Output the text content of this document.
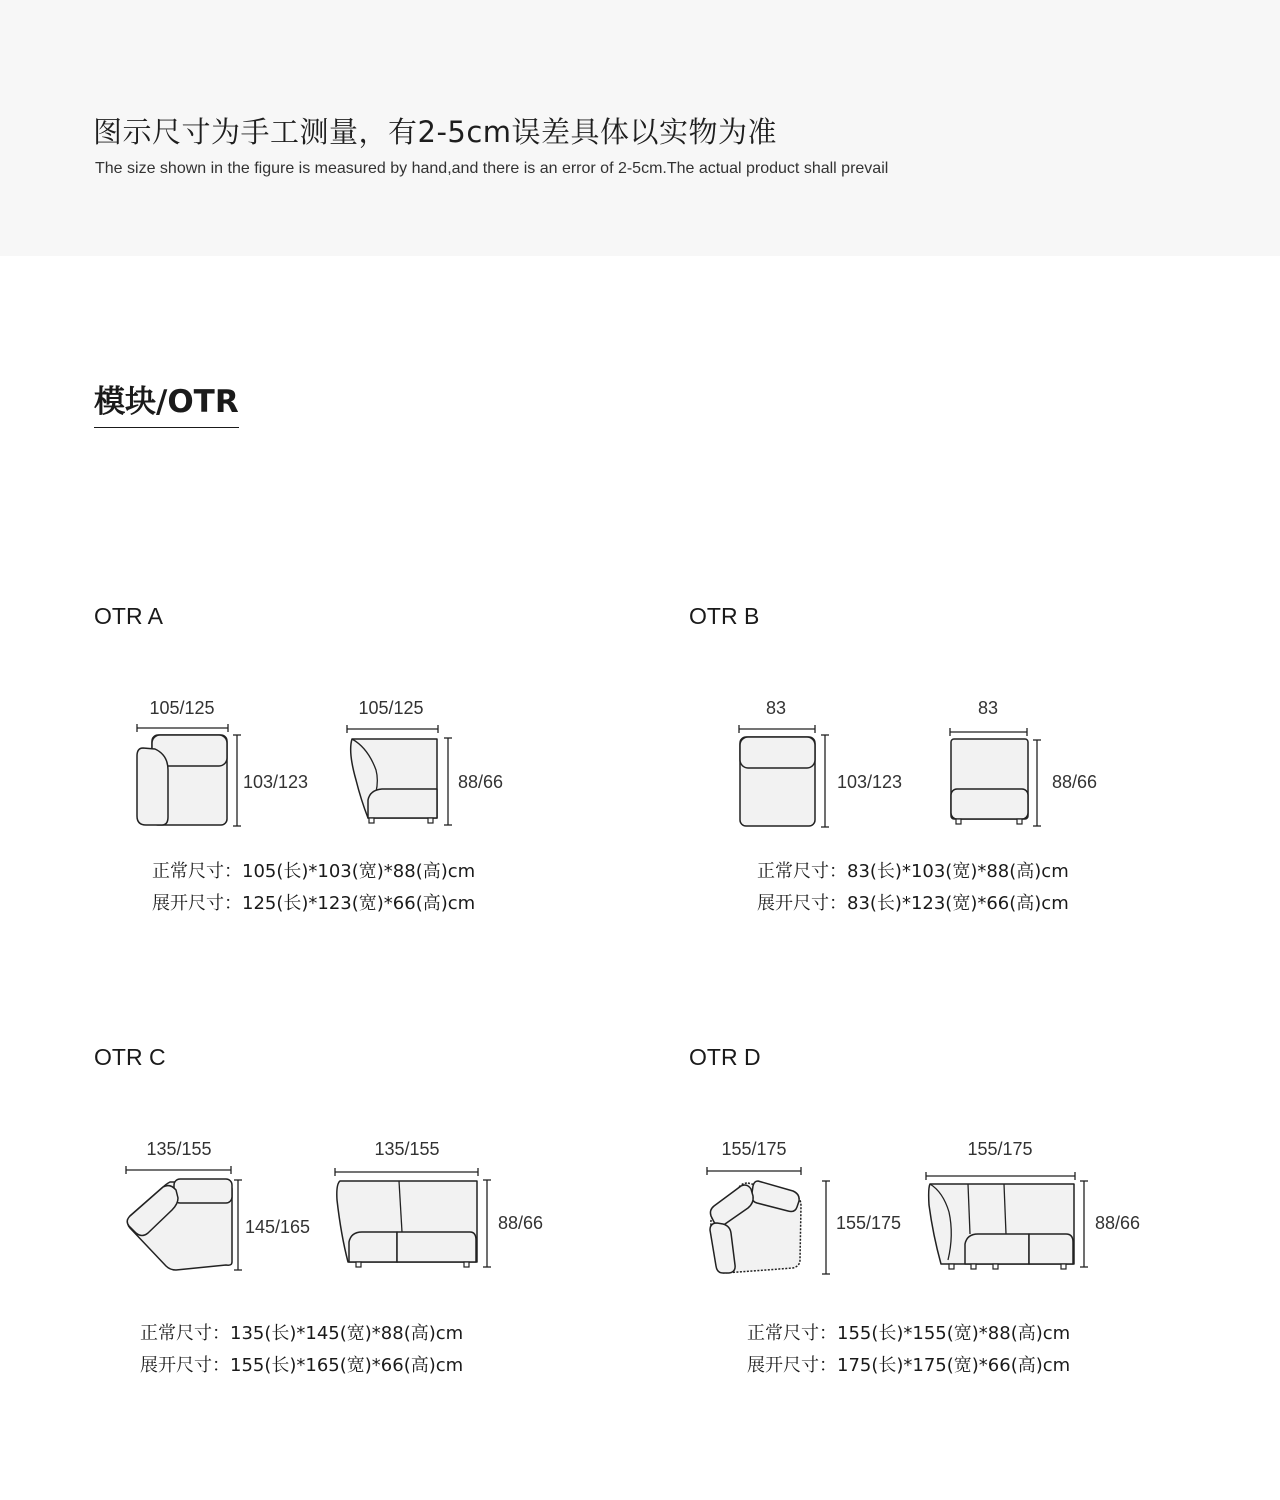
图示尺寸为手工测量，有2-5cm误差具体以实物为准
The size shown in the figure is measured by hand,and there is an error of 2-5cm.The actual product shall prevail
模块/OTR
OTR A	OTR B
OTR C	OTR D
105/125
103/123
105/125
88/66
83
103/123
83
88/66
135/155
145/165
135/155
88/66
155/175
155/175
155/175
88/66
正常尺寸：105(长)*103(宽)*88(高)cm
展开尺寸：125(长)*123(宽)*66(高)cm
正常尺寸：83(长)*103(宽)*88(高)cm
展开尺寸：83(长)*123(宽)*66(高)cm
正常尺寸：135(长)*145(宽)*88(高)cm
展开尺寸：155(长)*165(宽)*66(高)cm
正常尺寸：155(长)*155(宽)*88(高)cm
展开尺寸：175(长)*175(宽)*66(高)cm
